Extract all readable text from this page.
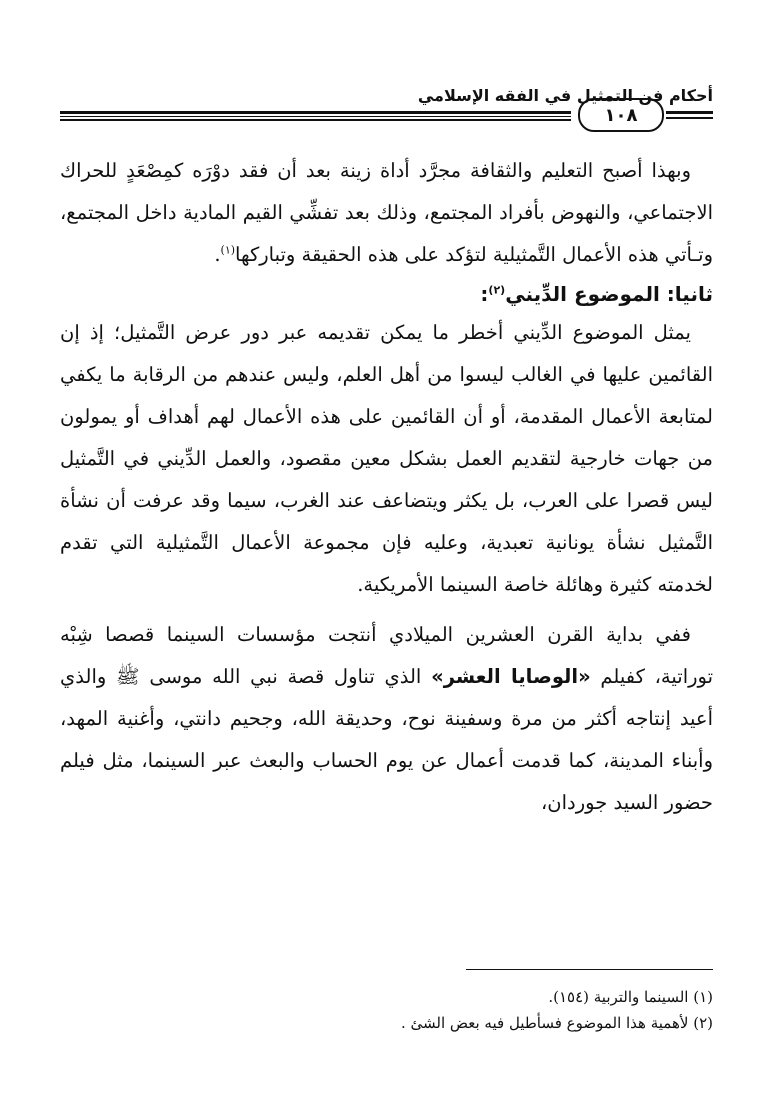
١٠٨
أحكام فن التمثيل في الفقه الإسلامي

وبهذا أصبح التعليم والثقافة مجرَّد أداة زينة بعد أن فقد دوْرَه كمِصْعَدٍ للحراك الاجتماعي، والنهوض بأفراد المجتمع، وذلك بعد تفشِّي القيم المادية داخل المجتمع، وتـأتي هذه الأعمال التَّمثيلية لتؤكد على هذه الحقيقة وتباركها$^{(١)}$.

ثانيا: الموضوع الدِّيني$^{(٢)}$:

يمثل الموضوع الدِّيني أخطر ما يمكن تقديمه عبر دور عرض التَّمثيل؛ إذ إن القائمين عليها في الغالب ليسوا من أهل العلم، وليس عندهم من الرقابة ما يكفي لمتابعة الأعمال المقدمة، أو أن القائمين على هذه الأعمال لهم أهداف أو يمولون من جهات خارجية لتقديم العمل بشكل معين مقصود، والعمل الدِّيني في التَّمثيل ليس قصرا على العرب، بل يكثر ويتضاعف عند الغرب، سيما وقد عرفت أن نشأة التَّمثيل نشأة يونانية تعبدية، وعليه فإن مجموعة الأعمال التَّمثيلية التي تقدم لخدمته كثيرة وهائلة خاصة السينما الأمريكية.

ففي بداية القرن العشرين الميلادي أنتجت مؤسسات السينما قصصا شِبْه توراتية، كفيلم «الوصايا العشر» الذي تناول قصة نبي الله موسى ﷺ والذي أعيد إنتاجه أكثر من مرة وسفينة نوح، وحديقة الله، وجحيم دانتي، وأغنية المهد، وأبناء المدينة، كما قدمت أعمال عن يوم الحساب والبعث عبر السينما، مثل فيلم حضور السيد جوردان،

(١) السينما والتربية (١٥٤).
(٢) لأهمية هذا الموضوع فسأطيل فيه بعض الشئ .
